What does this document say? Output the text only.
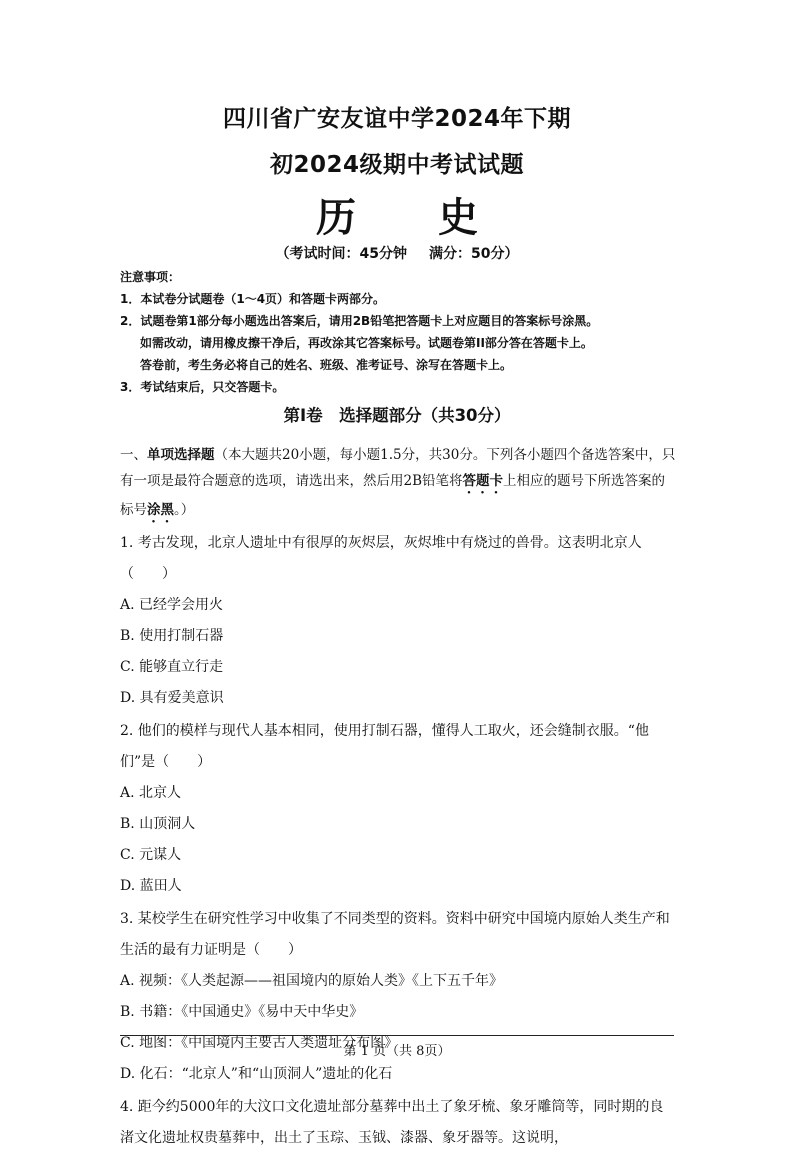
四川省广安友谊中学2024年下期
初2024级期中考试试题
历 史
（考试时间：45分钟 满分：50分）
注意事项：
1．本试卷分试题卷（1～4页）和答题卡两部分。
2．试题卷第1部分每小题选出答案后，请用2B铅笔把答题卡上对应题目的答案标号涂黑。
如需改动，请用橡皮擦干净后，再改涂其它答案标号。试题卷第II部分答在答题卡上。
答卷前，考生务必将自己的姓名、班级、准考证号、涂写在答题卡上。
3．考试结束后，只交答题卡。
第Ⅰ卷　选择题部分（共30分）
一、单项选择题（本大题共20小题，每小题1.5分，共30分。下列各小题四个备选答案中，只有一项是最符合题意的选项，请选出来，然后用2B铅笔将答题卡上相应的题号下所选答案的标号涂黑。）
1. 考古发现，北京人遗址中有很厚的灰烬层，灰烬堆中有烧过的兽骨。这表明北京人（　　）
A. 已经学会用火
B. 使用打制石器
C. 能够直立行走
D. 具有爱美意识
2. 他们的模样与现代人基本相同，使用打制石器，懂得人工取火，还会缝制衣服。“他们”是（　　）
A. 北京人
B. 山顶洞人
C. 元谋人
D. 蓝田人
3. 某校学生在研究性学习中收集了不同类型的资料。资料中研究中国境内原始人类生产和生活的最有力证明是（　　）
A. 视频：《人类起源——祖国境内的原始人类》《上下五千年》
B. 书籍：《中国通史》《易中天中华史》
C. 地图：《中国境内主要古人类遗址分布图》
D. 化石：“北京人”和“山顶洞人”遗址的化石
4. 距今约5000年的大汶口文化遗址部分墓葬中出土了象牙梳、象牙雕筒等，同时期的良渚文化遗址权贵墓葬中，出土了玉琮、玉钺、漆器、象牙器等。这说明，
第 1 页（共 8页）
